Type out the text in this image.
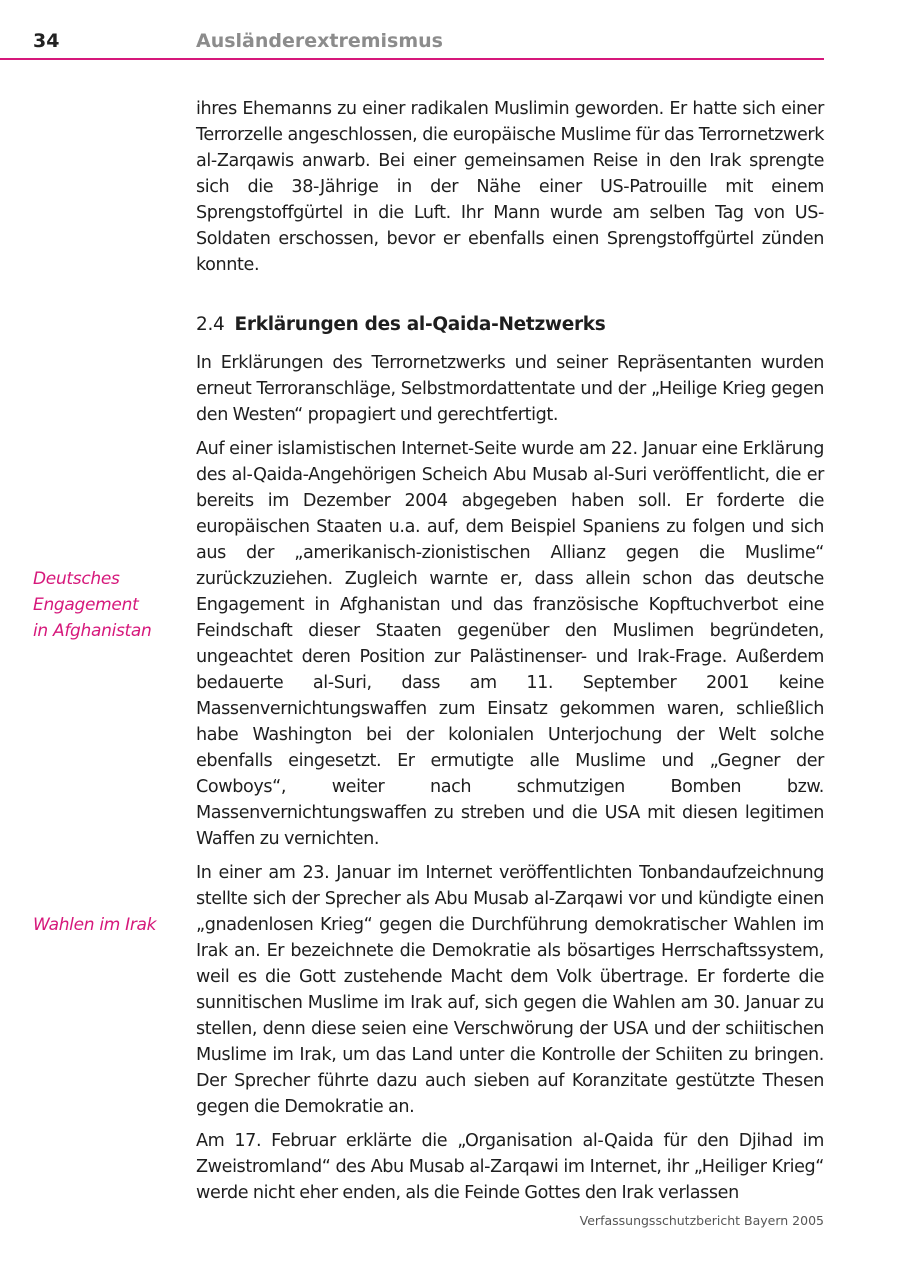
34	Ausländerextremismus
Deutsches
Engagement
in Afghanistan
Wahlen im Irak

ihres Ehemanns zu einer radikalen Muslimin geworden. Er hatte sich einer Terrorzelle angeschlossen, die europäische Muslime für das Terrornetzwerk al-Zarqawis anwarb. Bei einer gemeinsamen Reise in den Irak sprengte sich die 38-Jährige in der Nähe einer US-Patrouille mit einem Sprengstoffgürtel in die Luft. Ihr Mann wurde am selben Tag von US-Soldaten erschossen, bevor er ebenfalls einen Sprengstoffgürtel zünden konnte.

2.4 Erklärungen des al-Qaida-Netzwerks

In Erklärungen des Terrornetzwerks und seiner Repräsentanten wurden erneut Terroranschläge, Selbstmordattentate und der „Heilige Krieg gegen den Westen“ propagiert und gerechtfertigt.

Auf einer islamistischen Internet-Seite wurde am 22. Januar eine Erklärung des al-Qaida-Angehörigen Scheich Abu Musab al-Suri veröffentlicht, die er bereits im Dezember 2004 abgegeben haben soll. Er forderte die europäischen Staaten u.a. auf, dem Beispiel Spaniens zu folgen und sich aus der „amerikanisch-zionistischen Allianz gegen die Muslime“ zurückzuziehen. Zugleich warnte er, dass allein schon das deutsche Engagement in Afghanistan und das französische Kopftuchverbot eine Feindschaft dieser Staaten gegenüber den Muslimen begründeten, ungeachtet deren Position zur Palästinenser- und Irak-Frage. Außerdem bedauerte al-Suri, dass am 11. September 2001 keine Massenvernichtungswaffen zum Einsatz gekommen waren, schließlich habe Washington bei der kolonialen Unterjochung der Welt solche ebenfalls eingesetzt. Er ermutigte alle Muslime und „Gegner der Cowboys“, weiter nach schmutzigen Bomben bzw. Massenvernichtungswaffen zu streben und die USA mit diesen legitimen Waffen zu vernichten.

In einer am 23. Januar im Internet veröffentlichten Tonbandaufzeichnung stellte sich der Sprecher als Abu Musab al-Zarqawi vor und kündigte einen „gnadenlosen Krieg“ gegen die Durchführung demokratischer Wahlen im Irak an. Er bezeichnete die Demokratie als bösartiges Herrschaftssystem, weil es die Gott zustehende Macht dem Volk übertrage. Er forderte die sunnitischen Muslime im Irak auf, sich gegen die Wahlen am 30. Januar zu stellen, denn diese seien eine Verschwörung der USA und der schiitischen Muslime im Irak, um das Land unter die Kontrolle der Schiiten zu bringen. Der Sprecher führte dazu auch sieben auf Koranzitate gestützte Thesen gegen die Demokratie an.

Am 17. Februar erklärte die „Organisation al-Qaida für den Djihad im Zweistromland“ des Abu Musab al-Zarqawi im Internet, ihr „Heiliger Krieg“ werde nicht eher enden, als die Feinde Gottes den Irak verlassen

Verfassungsschutzbericht Bayern 2005
